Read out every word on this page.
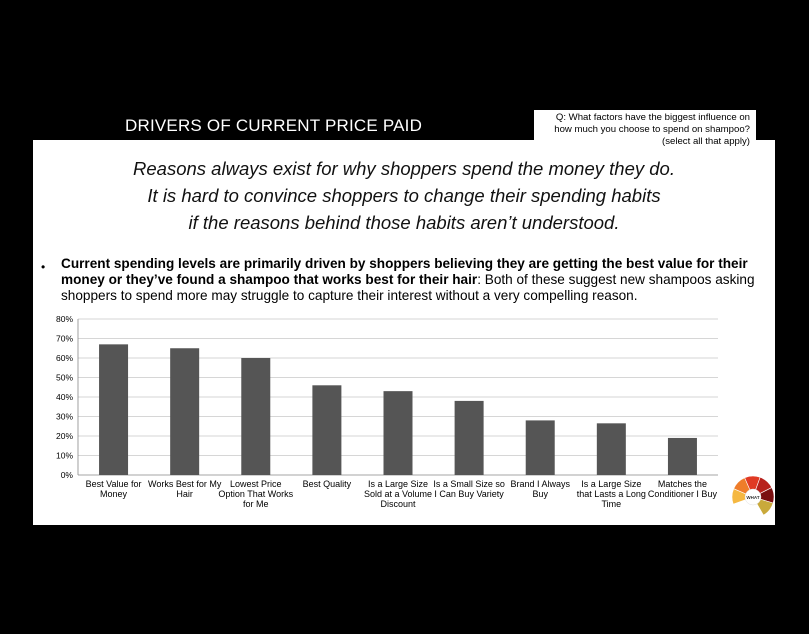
DRIVERS OF CURRENT PRICE PAID	Q: What factors have the biggest influence on how much you choose to spend on shampoo? (select all that apply)
Reasons always exist for why shoppers spend the money they do.
It is hard to convince shoppers to change their spending habits
if the reasons behind those habits aren’t understood.
• Current spending levels are primarily driven by shoppers believing they are getting the best value for their money or they’ve found a shampoo that works best for their hair: Both of these suggest new shampoos asking shoppers to spend more may struggle to capture their interest without a very compelling reason.
0%
10%
20%
30%
40%
50%
60%
70%
80%
Best Value for Money
Works Best for My Hair
Lowest Price Option That Works for Me
Best Quality	Is a Large Size Sold at a Volume Discount
Is a Small Size so I Can Buy Variety
Brand I Always Buy
Is a Large Size that Lasts a Long Time
Matches the Conditioner I Buy	WHAT
